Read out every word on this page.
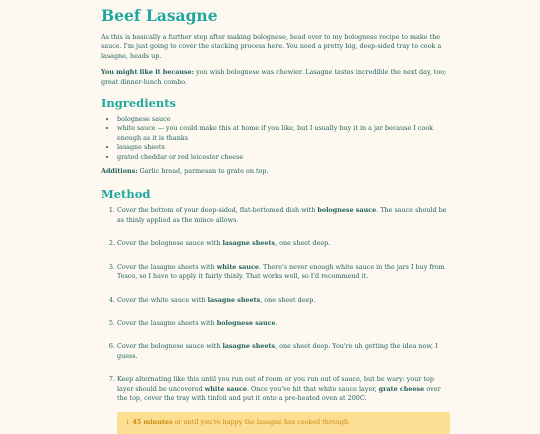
Beef Lasagne

As this is basically a further step after making bolognese, head over to my bolognese recipe to make the sauce. I'm just going to cover the stacking process here. You need a pretty big, deep-sided tray to cook a lasagne, heads up.

You might like it because: you wish bolognese was chewier. Lasagne tastes incredible the next day, too; great dinner-lunch combo.

Ingredients
• bolognese sauce
• white sauce — you could make this at home if you like, but I usually buy it in a jar because I cook enough as it is thanks
• lasagne sheets
• grated cheddar or red leicester cheese

Additions: Garlic bread, parmesan to grate on top.

Method
1. Cover the bottom of your deep-sided, flat-bottomed dish with bolognese sauce. The sauce should be as thinly applied as the mince allows.
2. Cover the bolognese sauce with lasagne sheets, one sheet deep.
3. Cover the lasagne sheets with white sauce. There's never enough white sauce in the jars I buy from Tesco, so I have to apply it fairly thinly. That works well, so I'd recommend it.
4. Cover the white sauce with lasagne sheets, one sheet deep.
5. Cover the lasagne sheets with bolognese sauce.
6. Cover the bolognese sauce with lasagne sheets, one sheet deep. You're uh getting the idea now, I guess.
7. Keep alternating like this until you run out of room or you run out of sauce, but be wary: your top layer should be uncovered white sauce. Once you've hit that white sauce layer, grate cheese over the top, cover the tray with tinfoil and put it onto a pre-heated oven at 200C.
↓ 45 minutes or until you're happy the lasagne has cooked through.
